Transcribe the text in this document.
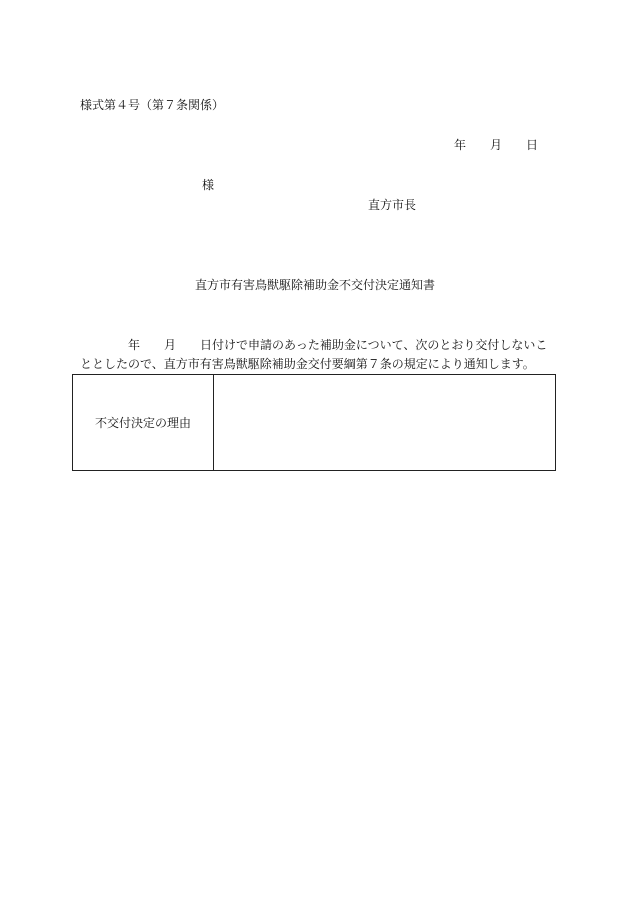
様式第４号（第７条関係）
年 月 日
様
直方市長
直方市有害鳥獣駆除補助金不交付決定通知書
年 月 日付けで申請のあった補助金について、次のとおり交付しないこ
ととしたので、直方市有害鳥獣駆除補助金交付要綱第７条の規定により通知します。
不交付決定の理由
